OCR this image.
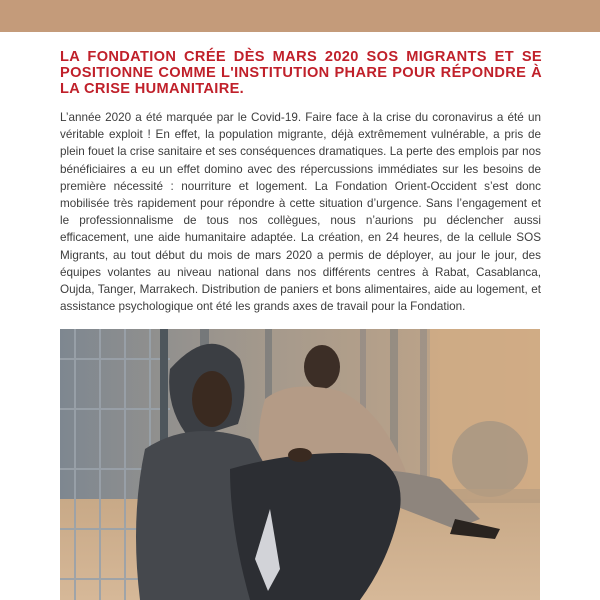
LA FONDATION CRÉE DÈS MARS 2020 SOS MIGRANTS ET SE POSITIONNE COMME L'INSTITUTION PHARE POUR RÉPONDRE À LA CRISE HUMANITAIRE.

L’année 2020 a été marquée par le Covid-19. Faire face à la crise du coronavirus a été un véritable exploit ! En effet, la population migrante, déjà extrêmement vulnérable, a pris de plein fouet la crise sanitaire et ses conséquences dramatiques. La perte des emplois par nos bénéficiaires a eu un effet domino avec des répercussions immédiates sur les besoins de première nécessité : nourriture et logement. La Fondation Orient-Occident s’est donc mobilisée très rapidement pour répondre à cette situation d’urgence. Sans l’engagement et le professionnalisme de tous nos collègues, nous n’aurions pu déclencher aussi efficacement, une aide humanitaire adaptée. La création, en 24 heures, de la cellule SOS Migrants, au tout début du mois de mars 2020 a permis de déployer, au jour le jour, des équipes volantes au niveau national dans nos différents centres à Rabat, Casablanca, Oujda, Tanger, Marrakech. Distribution de paniers et bons alimentaires, aide au logement, et assistance psychologique ont été les grands axes de travail pour la Fondation.
